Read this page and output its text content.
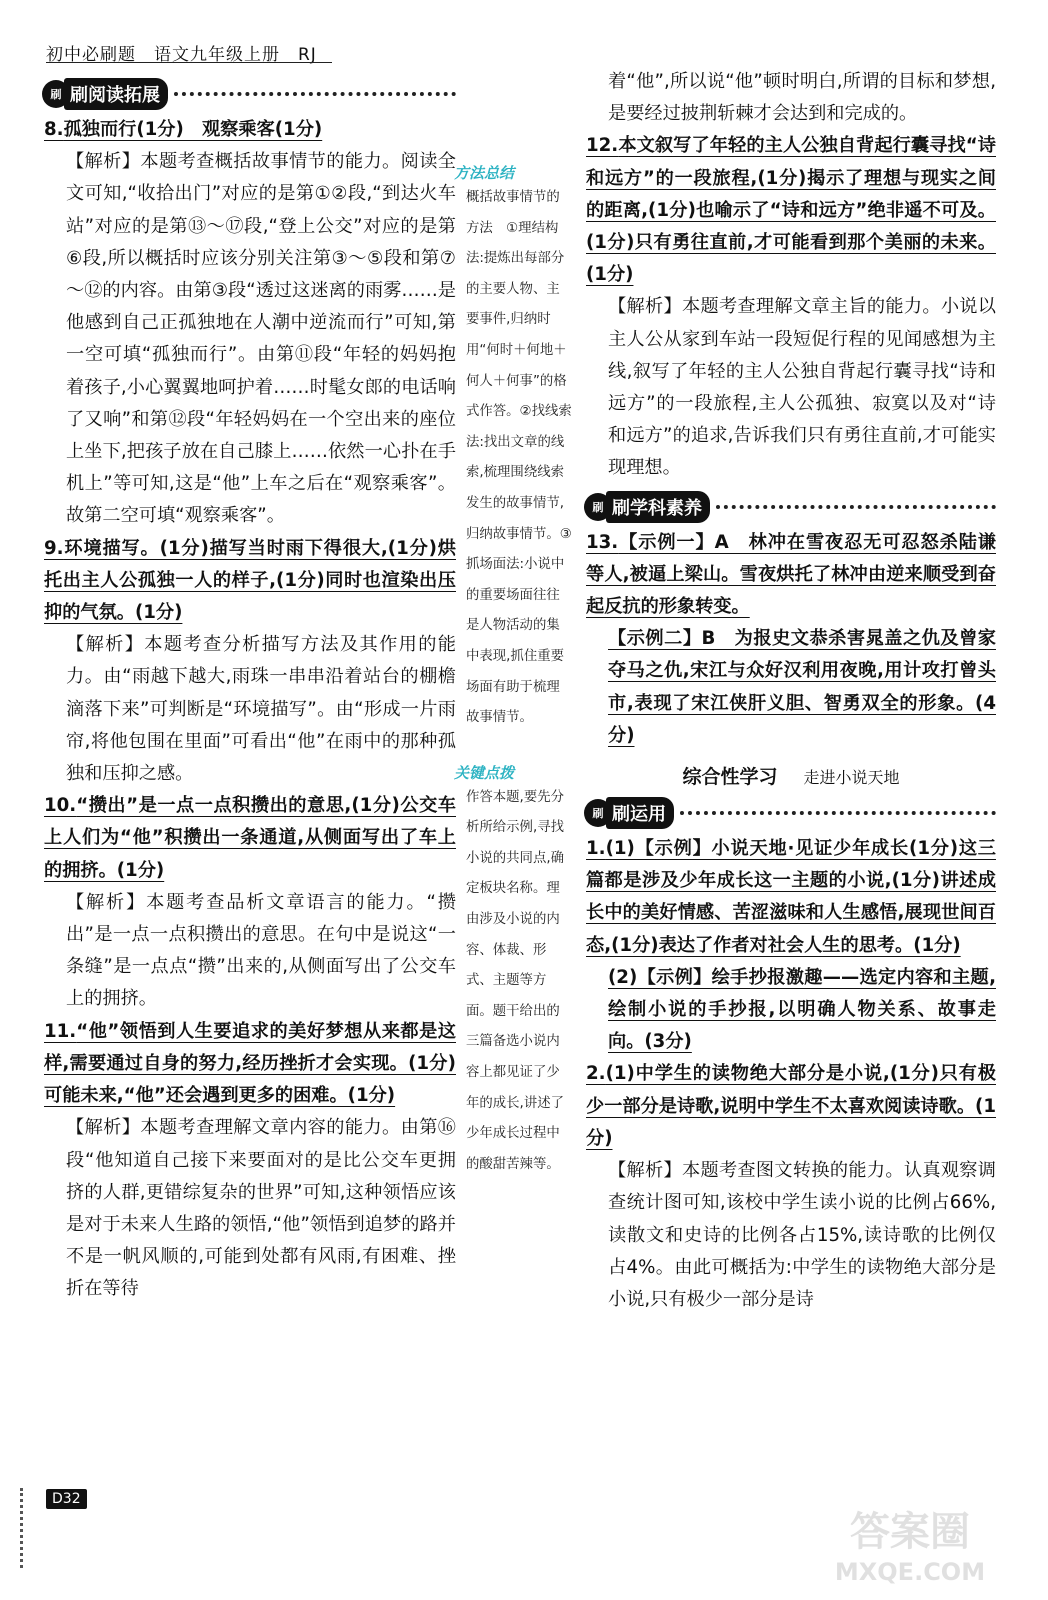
初中必刷题　语文九年级上册　RJ
刷 刷阅读拓展

8.孤独而行(1分)　观察乘客(1分)

【解析】本题考查概括故事情节的能力。阅读全文可知,“收拾出门”对应的是第①②段,“到达火车站”对应的是第⑬～⑰段,“登上公交”对应的是第⑥段,所以概括时应该分别关注第③～⑤段和第⑦～⑫的内容。由第③段“透过这迷离的雨雾……是他感到自己正孤独地在人潮中逆流而行”可知,第一空可填“孤独而行”。由第⑪段“年轻的妈妈抱着孩子,小心翼翼地呵护着……时髦女郎的电话响了又响”和第⑫段“年轻妈妈在一个空出来的座位上坐下,把孩子放在自己膝上……依然一心扑在手机上”等可知,这是“他”上车之后在“观察乘客”。故第二空可填“观察乘客”。

9.环境描写。(1分)描写当时雨下得很大,(1分)烘托出主人公孤独一人的样子,(1分)同时也渲染出压抑的气氛。(1分)

【解析】本题考查分析描写方法及其作用的能力。由“雨越下越大,雨珠一串串沿着站台的棚檐滴落下来”可判断是“环境描写”。由“形成一片雨帘,将他包围在里面”可看出“他”在雨中的那种孤独和压抑之感。

10.“攒出”是一点一点积攒出的意思,(1分)公交车上人们为“他”积攒出一条通道,从侧面写出了车上的拥挤。(1分)

【解析】本题考查品析文章语言的能力。“攒出”是一点一点积攒出的意思。在句中是说这“一条缝”是一点点“攒”出来的,从侧面写出了公交车上的拥挤。

11.“他”领悟到人生要追求的美好梦想从来都是这样,需要通过自身的努力,经历挫折才会实现。(1分)可能未来,“他”还会遇到更多的困难。(1分)

【解析】本题考查理解文章内容的能力。由第⑯段“他知道自己接下来要面对的是比公交车更拥挤的人群,更错综复杂的世界”可知,这种领悟应该是对于未来人生路的领悟,“他”领悟到追梦的路并不是一帆风顺的,可能到处都有风雨,有困难、挫折在等待

方法总结

概括故事情节的方法　①理结构法:提炼出每部分的主要人物、主要事件,归纳时用“何时＋何地＋何人＋何事”的格式作答。②找线索法:找出文章的线索,梳理围绕线索发生的故事情节,归纳故事情节。③抓场面法:小说中的重要场面往往是人物活动的集中表现,抓住重要场面有助于梳理故事情节。

关键点拨

作答本题,要先分析所给示例,寻找小说的共同点,确定板块名称。理由涉及小说的内容、体裁、形式、主题等方面。题干给出的三篇备选小说内容上都见证了少年的成长,讲述了少年成长过程中的酸甜苦辣等。

着“他”,所以说“他”顿时明白,所谓的目标和梦想,是要经过披荆斩棘才会达到和完成的。

12.本文叙写了年轻的主人公独自背起行囊寻找“诗和远方”的一段旅程,(1分)揭示了理想与现实之间的距离,(1分)也喻示了“诗和远方”绝非遥不可及。(1分)只有勇往直前,才可能看到那个美丽的未来。(1分)

【解析】本题考查理解文章主旨的能力。小说以主人公从家到车站一段短促行程的见闻感想为主线,叙写了年轻的主人公独自背起行囊寻找“诗和远方”的一段旅程,主人公孤独、寂寞以及对“诗和远方”的追求,告诉我们只有勇往直前,才可能实现理想。

刷 刷学科素养

13.【示例一】A　林冲在雪夜忍无可忍怒杀陆谦等人,被逼上梁山。雪夜烘托了林冲由逆来顺受到奋起反抗的形象转变。

【示例二】B　为报史文恭杀害晁盖之仇及曾家夺马之仇,宋江与众好汉利用夜晚,用计攻打曾头市,表现了宋江侠肝义胆、智勇双全的形象。(4分)

综合性学习 走进小说天地
刷 刷运用

1.(1)【示例】小说天地·见证少年成长(1分)这三篇都是涉及少年成长这一主题的小说,(1分)讲述成长中的美好情感、苦涩滋味和人生感悟,展现世间百态,(1分)表达了作者对社会人生的思考。(1分)

(2)【示例】绘手抄报激趣——选定内容和主题,绘制小说的手抄报,以明确人物关系、故事走向。(3分)

2.(1)中学生的读物绝大部分是小说,(1分)只有极少一部分是诗歌,说明中学生不太喜欢阅读诗歌。(1分)

【解析】本题考查图文转换的能力。认真观察调查统计图可知,该校中学生读小说的比例占66%,读散文和史诗的比例各占15%,读诗歌的比例仅占4%。由此可概括为:中学生的读物绝大部分是小说,只有极少一部分是诗

D32
答案圈
MXQE.COM
